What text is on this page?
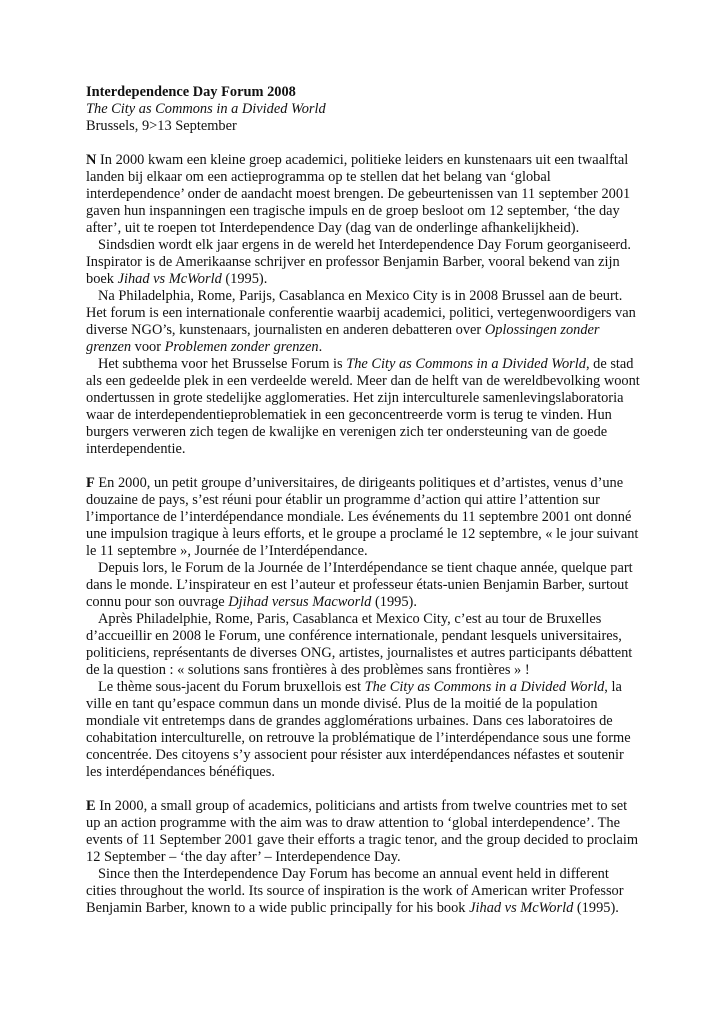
Interdependence Day Forum 2008
The City as Commons in a Divided World
Brussels, 9>13 September

N In 2000 kwam een kleine groep academici, politieke leiders en kunstenaars uit een twaalftal landen bij elkaar om een actieprogramma op te stellen dat het belang van ‘global interdependence’ onder de aandacht moest brengen. De gebeurtenissen van 11 september 2001 gaven hun inspanningen een tragische impuls en de groep besloot om 12 september, ‘the day after’, uit te roepen tot Interdependence Day (dag van de onderlinge afhankelijkheid).

Sindsdien wordt elk jaar ergens in de wereld het Interdependence Day Forum georganiseerd. Inspirator is de Amerikaanse schrijver en professor Benjamin Barber, vooral bekend van zijn boek Jihad vs McWorld (1995).

Na Philadelphia, Rome, Parijs, Casablanca en Mexico City is in 2008 Brussel aan de beurt. Het forum is een internationale conferentie waarbij academici, politici, vertegenwoordigers van diverse NGO’s, kunstenaars, journalisten en anderen debatteren over Oplossingen zonder grenzen voor Problemen zonder grenzen.

Het subthema voor het Brusselse Forum is The City as Commons in a Divided World, de stad als een gedeelde plek in een verdeelde wereld. Meer dan de helft van de wereldbevolking woont ondertussen in grote stedelijke agglomeraties. Het zijn interculturele samenlevingslaboratoria waar de interdependentieproblematiek in een geconcentreerde vorm is terug te vinden. Hun burgers verweren zich tegen de kwalijke en verenigen zich ter ondersteuning van de goede interdependentie.

F En 2000, un petit groupe d’universitaires, de dirigeants politiques et d’artistes, venus d’une douzaine de pays, s’est réuni pour établir un programme d’action qui attire l’attention sur l’importance de l’interdépendance mondiale. Les événements du 11 septembre 2001 ont donné une impulsion tragique à leurs efforts, et le groupe a proclamé le 12 septembre, « le jour suivant le 11 septembre », Journée de l’Interdépendance.

Depuis lors, le Forum de la Journée de l’Interdépendance se tient chaque année, quelque part dans le monde. L’inspirateur en est l’auteur et professeur états-unien Benjamin Barber, surtout connu pour son ouvrage Djihad versus Macworld (1995).

Après Philadelphie, Rome, Paris, Casablanca et Mexico City, c’est au tour de Bruxelles d’accueillir en 2008 le Forum, une conférence internationale, pendant lesquels universitaires, politiciens, représentants de diverses ONG, artistes, journalistes et autres participants débattent de la question : « solutions sans frontières à des problèmes sans frontières » !

Le thème sous-jacent du Forum bruxellois est The City as Commons in a Divided World, la ville en tant qu’espace commun dans un monde divisé. Plus de la moitié de la population mondiale vit entretemps dans de grandes agglomérations urbaines. Dans ces laboratoires de cohabitation interculturelle, on retrouve la problématique de l’interdépendance sous une forme concentrée. Des citoyens s’y associent pour résister aux interdépendances néfastes et soutenir les interdépendances bénéfiques.

E In 2000, a small group of academics, politicians and artists from twelve countries met to set up an action programme with the aim was to draw attention to ‘global interdependence’. The events of 11 September 2001 gave their efforts a tragic tenor, and the group decided to proclaim 12 September – ‘the day after’ – Interdependence Day.

Since then the Interdependence Day Forum has become an annual event held in different cities throughout the world. Its source of inspiration is the work of American writer Professor Benjamin Barber, known to a wide public principally for his book Jihad vs McWorld (1995).
